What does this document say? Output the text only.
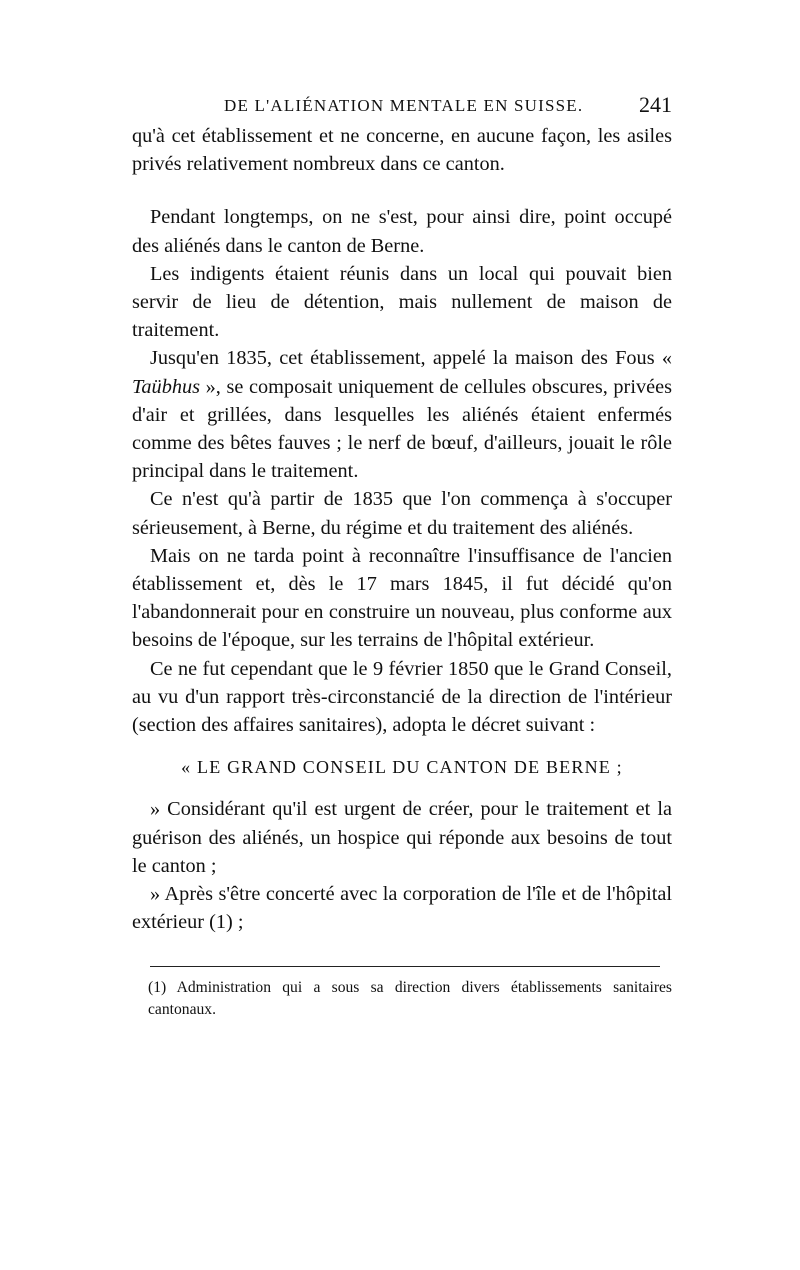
DE L'ALIÉNATION MENTALE EN SUISSE.	241

qu'à cet établissement et ne concerne, en aucune façon, les asiles privés relativement nombreux dans ce canton.

Pendant longtemps, on ne s'est, pour ainsi dire, point occupé des aliénés dans le canton de Berne.

Les indigents étaient réunis dans un local qui pouvait bien servir de lieu de détention, mais nullement de maison de traitement.

Jusqu'en 1835, cet établissement, appelé la maison des Fous « Taübhus », se composait uniquement de cellules obscures, privées d'air et grillées, dans lesquelles les aliénés étaient enfermés comme des bêtes fauves ; le nerf de bœuf, d'ailleurs, jouait le rôle principal dans le traitement.

Ce n'est qu'à partir de 1835 que l'on commença à s'occuper sérieusement, à Berne, du régime et du traitement des aliénés.

Mais on ne tarda point à reconnaître l'insuffisance de l'ancien établissement et, dès le 17 mars 1845, il fut décidé qu'on l'abandonnerait pour en construire un nouveau, plus conforme aux besoins de l'époque, sur les terrains de l'hôpital extérieur.

Ce ne fut cependant que le 9 février 1850 que le Grand Conseil, au vu d'un rapport très-circonstancié de la direction de l'intérieur (section des affaires sanitaires), adopta le décret suivant :

« LE GRAND CONSEIL DU CANTON DE BERNE ;

» Considérant qu'il est urgent de créer, pour le traitement et la guérison des aliénés, un hospice qui réponde aux besoins de tout le canton ;

» Après s'être concerté avec la corporation de l'île et de l'hôpital extérieur (1) ;

(1) Administration qui a sous sa direction divers établissements sanitaires cantonaux.
